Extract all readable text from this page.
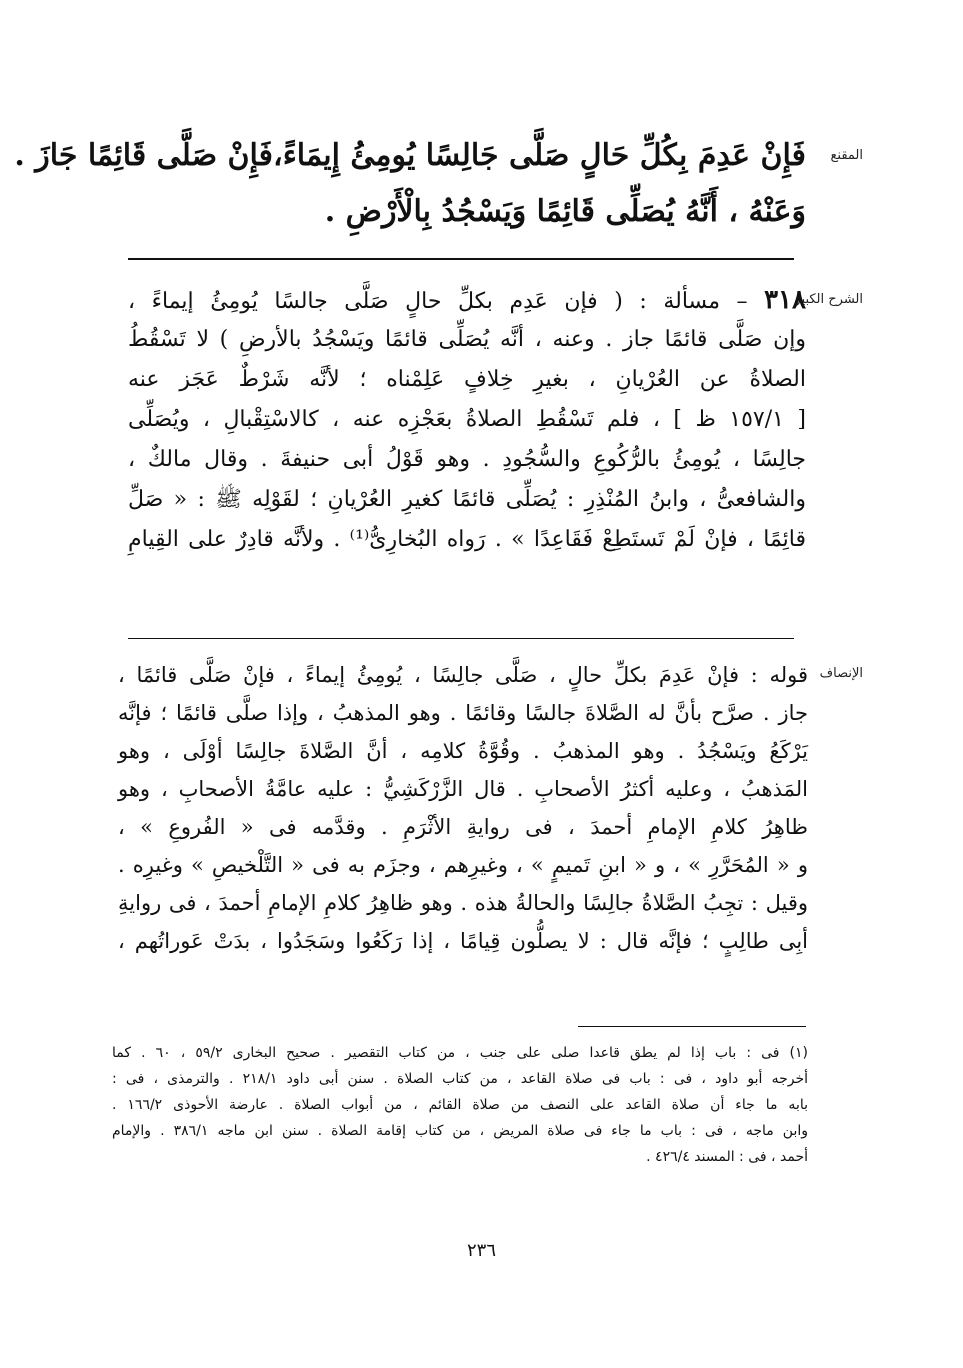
المقنع
فَإِنْ عَدِمَ بِكُلِّ حَالٍ صَلَّى جَالِسًا يُومِئُ إِيمَاءً،فَإِنْ صَلَّى قَائِمًا جَازَ .
وَعَنْهُ ، أَنَّهُ يُصَلِّى قَائِمًا وَيَسْجُدُ بِالْأَرْضِ .
الشرح الكبير
٣١٨ – مسألة : ( فإن عَدِم بكلِّ حالٍ صَلَّى جالسًا يُومِئُ إيماءً ،
وإن صَلَّى قائمًا جاز . وعنه ، أنَّه يُصَلِّى قائمًا ويَسْجُدُ بالأرضِ ) لا تَسْقُطُ
الصلاةُ عن العُرْيانِ ، بغيرِ خِلافٍ عَلِمْناه ؛ لأنَّه شَرْطٌ عَجَز عنه
[ ١٥٧/١ ظ ] ، فلم تَسْقُطِ الصلاةُ بعَجْزِه عنه ، كالاسْتِقْبالِ ، ويُصَلِّى
جالِسًا ، يُومِئُ بالرُّكُوعِ والسُّجُودِ . وهو قَوْلُ أبى حنيفةَ . وقال مالكٌ ،
والشافعىُّ ، وابنُ المُنْذِرِ : يُصَلِّى قائمًا كغيرِ العُرْيانِ ؛ لقَوْلِه ﷺ : « صَلِّ
قائِمًا ، فإنْ لَمْ تَستَطِعْ فَقَاعِدًا » . رَواه البُخارِىُّ⁽¹⁾ . ولأنَّه قادِرٌ على القِيامِ
الإنصاف
قوله : فإنْ عَدِمَ بكلِّ حالٍ ، صَلَّى جالِسًا ، يُومِئُ إيماءً ، فإنْ صَلَّى قائمًا ،
جاز . صرَّح بأنَّ له الصَّلاةَ جالسًا وقائمًا . وهو المذهبُ ، وإذا صلَّى قائمًا ؛ فإنَّه
يَرْكَعُ ويَسْجُدُ . وهو المذهبُ . وقُوَّةُ كلامِه ، أنَّ الصَّلاةَ جالِسًا أوْلَى ، وهو
المَذهبُ ، وعليه أكثرُ الأصحابِ . قال الزَّرْكَشِيُّ : عليه عامَّةُ الأصحابِ ، وهو
ظاهِرُ كلامِ الإمامِ أحمدَ ، فى روايةِ الأثْرَمِ . وقدَّمه فى « الفُروعِ » ،
و « المُحَرَّرِ » ، و « ابنِ تَميمٍ » ، وغيرِهم ، وجزَم به فى « التَّلْخيصِ » وغيرِه .
وقيل : تجِبُ الصَّلاةُ جالِسًا والحالةُ هذه . وهو ظاهِرُ كلامِ الإمامِ أحمدَ ، فى روايةِ
أبِى طالِبٍ ؛ فإنَّه قال : لا يصلُّون قِيامًا ، إذا رَكَعُوا وسَجَدُوا ، بدَتْ عَوراتُهم ،
(١) فى : باب إذا لم يطق قاعدا صلى على جنب ، من كتاب التقصير . صحيح البخارى ٥٩/٢ ، ٦٠ . كما
أخرجه أبو داود ، فى : باب فى صلاة القاعد ، من كتاب الصلاة . سنن أبى داود ٢١٨/١ . والترمذى ، فى :
بابه ما جاء أن صلاة القاعد على النصف من صلاة القائم ، من أبواب الصلاة . عارضة الأحوذى ١٦٦/٢ .
وابن ماجه ، فى : باب ما جاء فى صلاة المريض ، من كتاب إقامة الصلاة . سنن ابن ماجه ٣٨٦/١ . والإمام
أحمد ، فى : المسند ٤٢٦/٤ .
٢٣٦
